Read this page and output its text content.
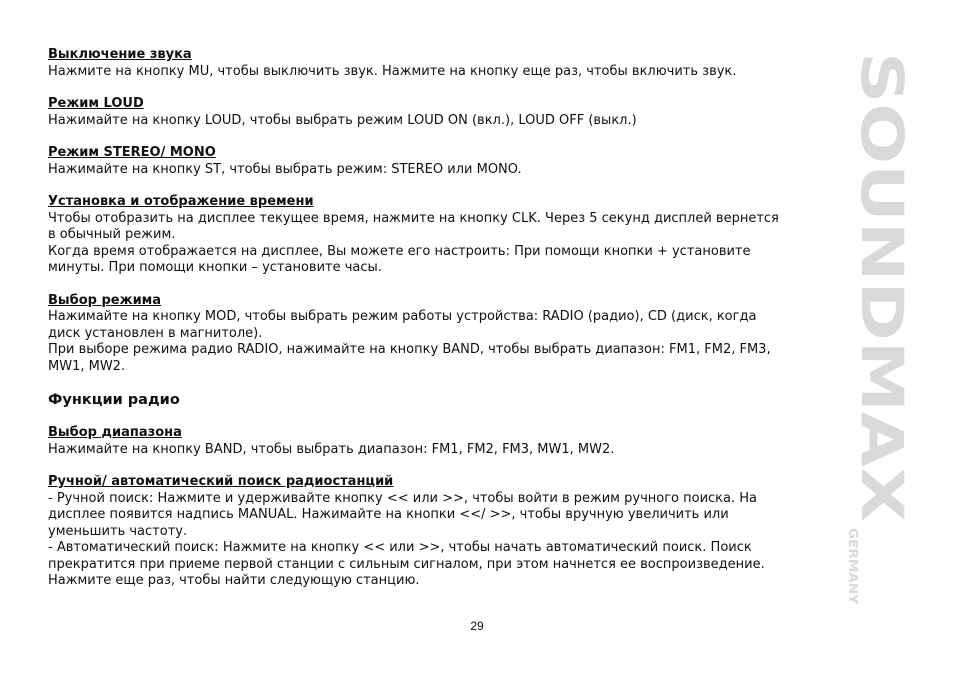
Выключение звука
Нажмите на кнопку MU, чтобы выключить звук. Нажмите на кнопку еще раз, чтобы включить звук.
Режим LOUD
Нажимайте на кнопку LOUD, чтобы выбрать режим LOUD ON (вкл.), LOUD OFF (выкл.)
Режим STEREO/ MONO
Нажимайте на кнопку ST, чтобы выбрать режим: STEREO или MONO.
Установка и отображение времени
Чтобы отобразить на дисплее текущее время, нажмите на кнопку CLK. Через 5 секунд дисплей вернется
в обычный режим.
Когда время отображается на дисплее, Вы можете его настроить: При помощи кнопки + установите
минуты. При помощи кнопки – установите часы.
Выбор режима
Нажимайте на кнопку MOD, чтобы выбрать режим работы устройства: RADIO (радио), CD (диск, когда
диск установлен в магнитоле).
При выборе режима радио RADIO, нажимайте на кнопку BAND, чтобы выбрать диапазон: FM1, FM2, FM3,
MW1, MW2.
Функции радио
Выбор диапазона
Нажимайте на кнопку BAND, чтобы выбрать диапазон: FM1, FM2, FM3, MW1, MW2.
Ручной/ автоматический поиск радиостанций
- Ручной поиск: Нажмите и удерживайте кнопку << или >>, чтобы войти в режим ручного поиска. На
дисплее появится надпись MANUAL. Нажимайте на кнопки <</ >>, чтобы вручную увеличить или
уменьшить частоту.
- Автоматический поиск: Нажмите на кнопку << или >>, чтобы начать автоматический поиск. Поиск
прекратится при приеме первой станции с сильным сигналом, при этом начнется ее воспроизведение.
Нажмите еще раз, чтобы найти следующую станцию.
29
SOUNDMAX
GERMANY
